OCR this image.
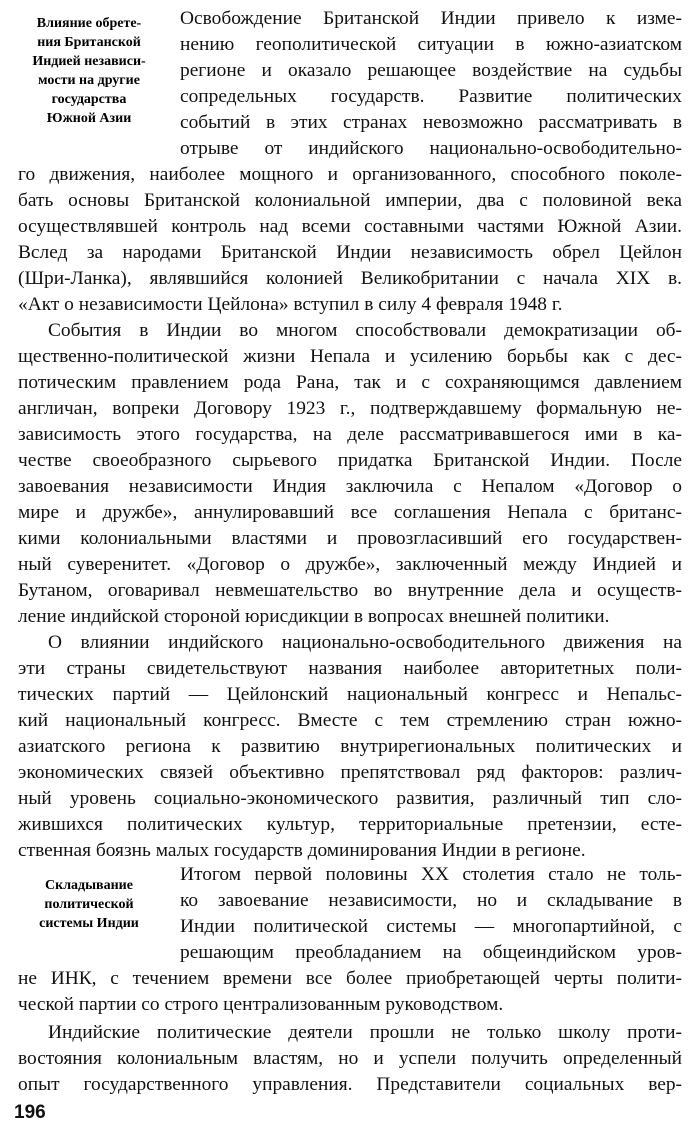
Влияние обрете-
ния Британской
Индией независи-
мости на другие
государства
Южной Азии
Складывание
политической
системы Индии
Освобождение Британской Индии привело к изме-
нению геополитической ситуации в южно-азиатском
регионе и оказало решающее воздействие на судьбы
сопредельных государств. Развитие политических
событий в этих странах невозможно рассматривать в
отрыве от индийского национально-освободительно-
го движения, наиболее мощного и организованного, способного поколе-
бать основы Британской колониальной империи, два с половиной века
осуществлявшей контроль над всеми составными частями Южной Азии.
Вслед за народами Британской Индии независимость обрел Цейлон
(Шри-Ланка), являвшийся колонией Великобритании с начала XIX в.
«Акт о независимости Цейлона» вступил в силу 4 февраля 1948 г.
События в Индии во многом способствовали демократизации об-
щественно-политической жизни Непала и усилению борьбы как с дес-
потическим правлением рода Рана, так и с сохраняющимся давлением
англичан, вопреки Договору 1923 г., подтверждавшему формальную не-
зависимость этого государства, на деле рассматривавшегося ими в ка-
честве своеобразного сырьевого придатка Британской Индии. После
завоевания независимости Индия заключила с Непалом «Договор о
мире и дружбе», аннулировавший все соглашения Непала с британс-
кими колониальными властями и провозгласивший его государствен-
ный суверенитет. «Договор о дружбе», заключенный между Индией и
Бутаном, оговаривал невмешательство во внутренние дела и осуществ-
ление индийской стороной юрисдикции в вопросах внешней политики.
О влиянии индийского национально-освободительного движения на
эти страны свидетельствуют названия наиболее авторитетных поли-
тических партий — Цейлонский национальный конгресс и Непальс-
кий национальный конгресс. Вместе с тем стремлению стран южно-
азиатского региона к развитию внутрирегиональных политических и
экономических связей объективно препятствовал ряд факторов: различ-
ный уровень социально-экономического развития, различный тип сло-
жившихся политических культур, территориальные претензии, есте-
ственная боязнь малых государств доминирования Индии в регионе.
Итогом первой половины XX столетия стало не толь-
ко завоевание независимости, но и складывание в
Индии политической системы — многопартийной, с
решающим преобладанием на общеиндийском уров-
не ИНК, с течением времени все более приобретающей черты полити-
ческой партии со строго централизованным руководством.
Индийские политические деятели прошли не только школу проти-
востояния колониальным властям, но и успели получить определенный
опыт государственного управления. Представители социальных вер-
196
